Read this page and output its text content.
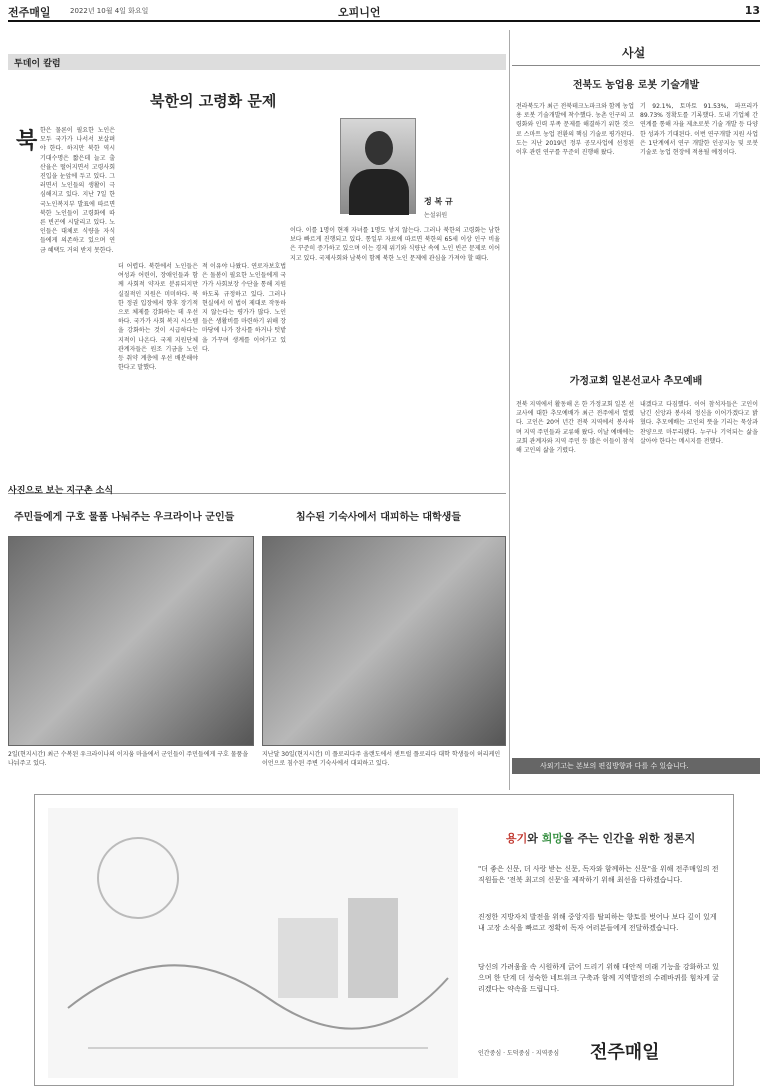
전주매일	2022년 10월 4일 화요일	오피니언	13
투데이 칼럼
북한의 고령화 문제
북 한은 물론이 필요한 노인은 모두 국가가 나서서 보살펴야 한다. 하지만 북한 역시 기대수명은 짧은데 늘고 출산율은 떨어지면서 고령사회 진입을 눈앞에 두고 있다. 그러면서 노인들의 생활이 극심해지고 있다. 지난 7일 한국노인복지부 발표에 따르면 북한 노인들이 고령화에 따른 빈곤에 시달리고 있다. 노인들은 대체로 식량을 자식들에게 의존하고 있으며 연금 혜택도 거의 받지 못한다.
더 어렵다. 북한에서 노인들은 여성과 어린이, 장애인들과 함께 사회적 약자로 분류되지만 실질적인 지원은 미미하다. 북한 정권 입장에서 향후 장기적으로 체제를 강화하는 데 우선하다. 국가가 사회 복지 시스템을 강화하는 것이 시급하다는 지적이 나온다. 국제 지원단체 관계자들은 원조 기금을 노인 등 취약 계층에 우선 배분해야 한다고 말했다.
적 이유야 나왔다. 연로자보호법은 돌봄이 필요한 노인들에게 국가가 사회보장 수단을 통해 지원하도록 규정하고 있다. 그러나 현실에서 이 법이 제대로 작동하지 않는다는 평가가 많다. 노인들은 생활비를 마련하기 위해 장마당에 나가 장사를 하거나 텃밭을 가꾸며 생계를 이어가고 있다.
이다. 이를 1명이 현재 자녀를 1명도 낳지 않는다. 그러나 북한의 고령화는 남한보다 빠르게 진행되고 있다. 통일부 자료에 따르면 북한의 65세 이상 인구 비율은 꾸준히 증가하고 있으며 이는 경제 위기와 식량난 속에 노인 빈곤 문제로 이어지고 있다. 국제사회와 남북이 함께 북한 노인 문제에 관심을 가져야 할 때다.
정 복 규
논설위원
사진으로 보는 지구촌 소식
주민들에게 구호 물품 나눠주는 우크라이나 군인들	침수된 기숙사에서 대피하는 대학생들
2일(현지시간) 최근 수복된 우크라이나의 이지움 마을에서 군인들이 주민들에게 구호 물품을 나눠주고 있다.
지난달 30일(현지시간) 미 플로리다주 올랜도에서 센트럴 플로리다 대학 학생들이 허리케인 이언으로 침수된 주변 기숙사에서 대피하고 있다.
사설
전북도 농업용 로봇 기술개발
전라북도가 최근 전북테크노파크와 함께 농업용 로봇 기술개발에 착수했다. 농촌 인구의 고령화와 인력 부족 문제를 해결하기 위한 것으로 스마트 농업 전환의 핵심 기술로 평가된다. 도는 지난 2019년 정부 공모사업에 선정된 이후 관련 연구를 꾸준히 진행해 왔다.
기 92.1%, 토마토 91.53%, 파프리카 89.73% 정확도를 기록했다. 도내 기업체 간 연계를 통해 자율 제초로봇 기술 개발 등 다양한 성과가 기대된다. 이번 연구개발 지원 사업은 1단계에서 연구 개발한 인공지능 및 로봇 기술로 농업 현장에 적용될 예정이다.
가정교회 일본선교사 추모예배
전북 지역에서 활동해 온 한 가정교회 일본 선교사에 대한 추모예배가 최근 전주에서 열렸다. 고인은 20여 년간 전북 지역에서 봉사하며 지역 주민들과 교류해 왔다. 이날 예배에는 교회 관계자와 지역 주민 등 많은 이들이 참석해 고인의 삶을 기렸다.
내겠다고 다짐했다. 이어 참석자들은 고인이 남긴 신앙과 봉사의 정신을 이어가겠다고 밝혔다. 추모예배는 고인의 뜻을 기리는 묵상과 찬양으로 마무리됐다. 누구나 기억되는 삶을 살아야 한다는 메시지를 전했다.
사외기고는 본보의 편집방향과 다를 수 있습니다.
용기와 희망을 주는 인간을 위한 정론지
"더 좋은 신문, 더 사랑 받는 신문, 독자와 함께하는 신문"을 위해 전주매일의 전 직원들은 '전북 최고의 신문'을 제작하기 위해 최선을 다하겠습니다.
진정한 지방자치 발전을 위해 중앙지를 탈피하는 향토를 벗어나 보다 깊이 있게 내 고장 소식을 빠르고 정확히 독자 여러분들에게 전달하겠습니다.
당신의 가려움을 속 시원하게 긁어 드리기 위해 대안적 미래 기능을 강화하고 있으며 한 단계 더 성숙한 네트워크 구축과 함께 지역발전의 수레바퀴를 힘차게 굴리겠다는 약속을 드립니다.
인간중심 · 도덕중심 · 지역중심 전주매일
